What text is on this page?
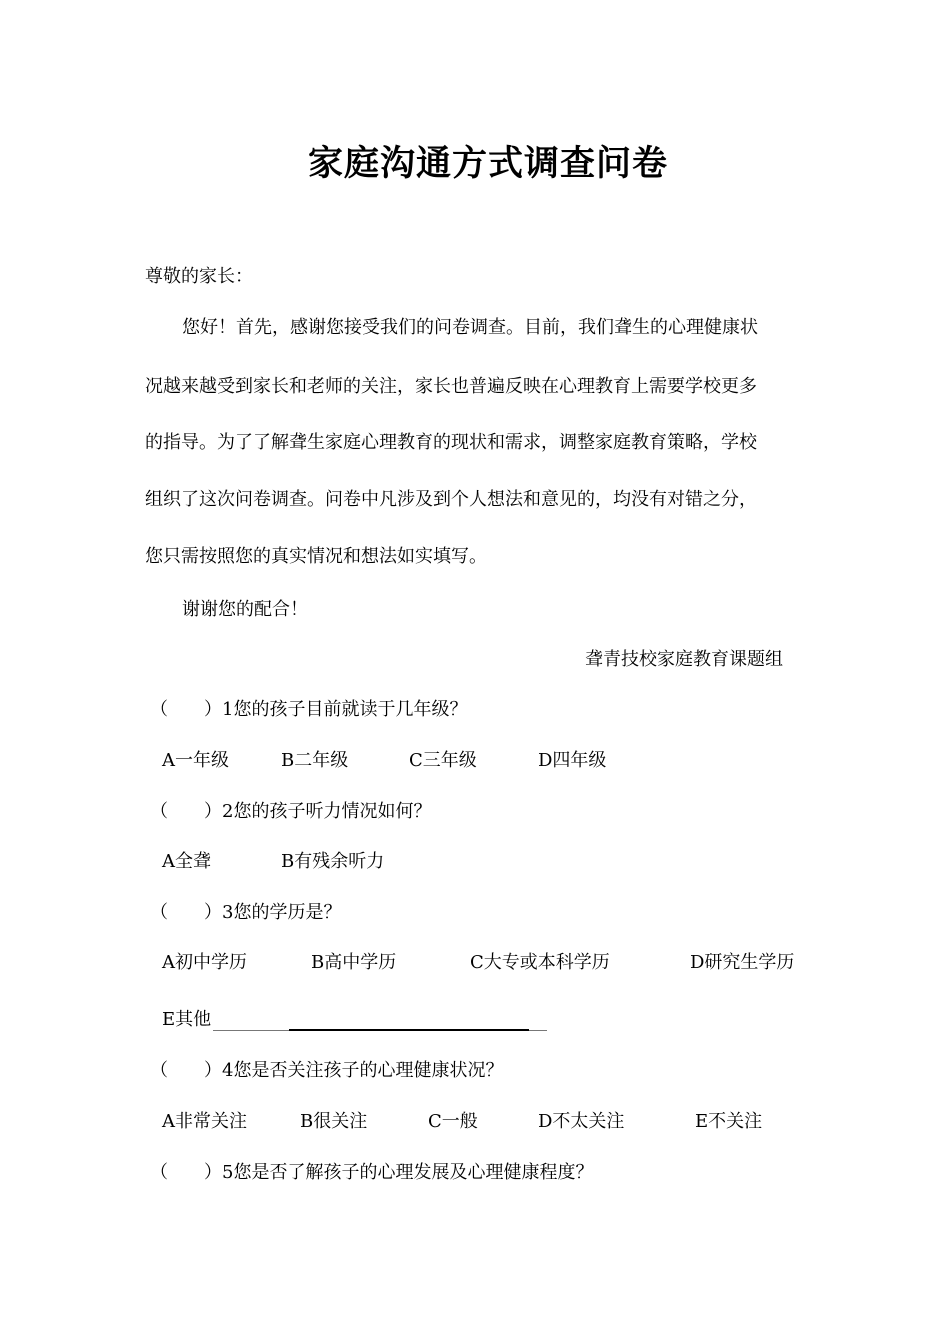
家庭沟通方式调查问卷
尊敬的家长：
您好！首先，感谢您接受我们的问卷调查。目前，我们聋生的心理健康状
况越来越受到家长和老师的关注，家长也普遍反映在心理教育上需要学校更多
的指导。为了了解聋生家庭心理教育的现状和需求，调整家庭教育策略，学校
组织了这次问卷调查。问卷中凡涉及到个人想法和意见的，均没有对错之分，
您只需按照您的真实情况和想法如实填写。
谢谢您的配合！
聋青技校家庭教育课题组
（　　）1您的孩子目前就读于几年级？
A一年级	B二年级	C三年级	D四年级
（　　）2您的孩子听力情况如何？
A全聋	B有残余听力
（　　）3您的学历是？
A初中学历	B高中学历	C大专或本科学历	D研究生学历
E其他
（　　）4您是否关注孩子的心理健康状况？
A非常关注	B很关注	C一般	D不太关注	E不关注
（　　）5您是否了解孩子的心理发展及心理健康程度？
